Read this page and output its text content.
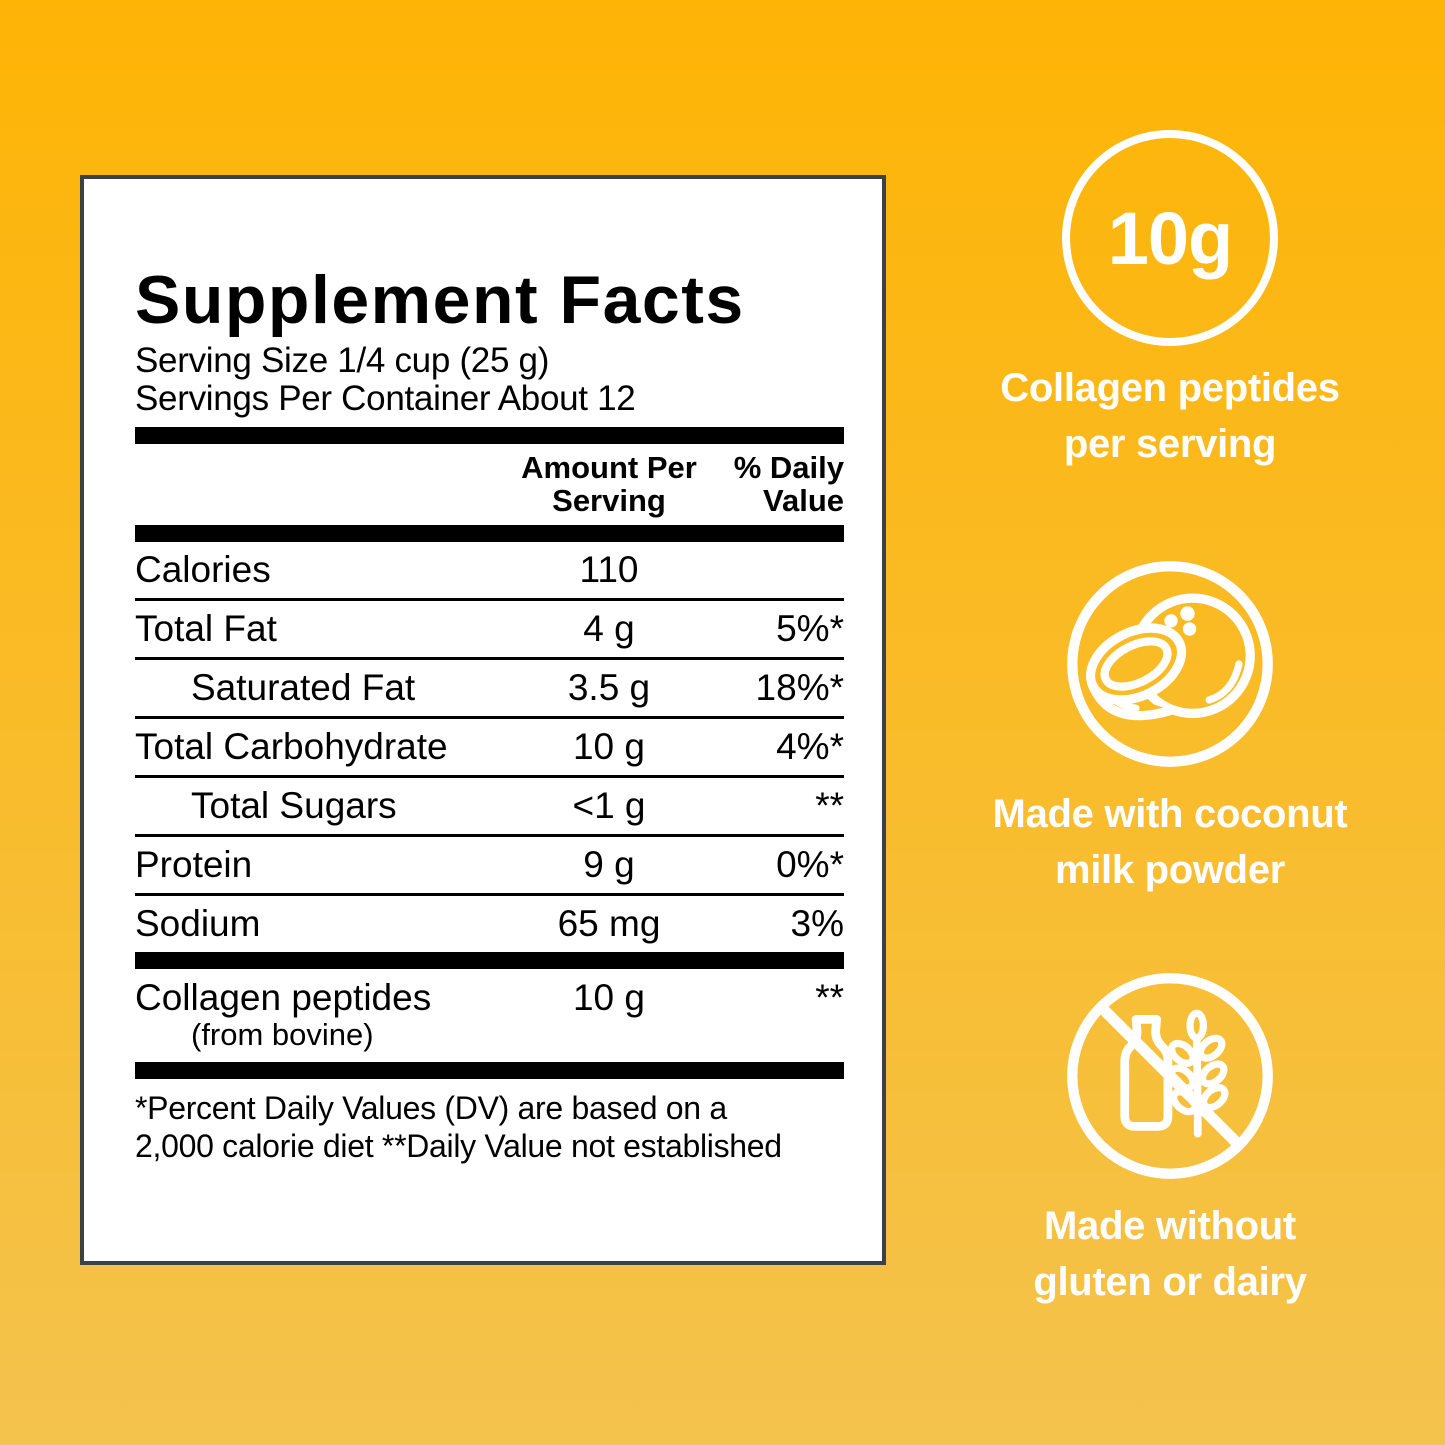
Supplement Facts
Serving Size 1/4 cup (25 g)
Servings Per Container About 12
Amount Per
Serving
% Daily
Value
Calories	110
Total Fat	4 g	5%*
Saturated Fat	3.5 g	18%*
Total Carbohydrate	10 g	4%*
Total Sugars	<1 g	**
Protein	9 g	0%*
Sodium	65 mg	3%
Collagen peptides
(from bovine)
10 g	**
*Percent Daily Values (DV) are based on a
2,000 calorie diet **Daily Value not established
10g
Collagen peptides
per serving
Made with coconut
milk powder
Made without
gluten or dairy
